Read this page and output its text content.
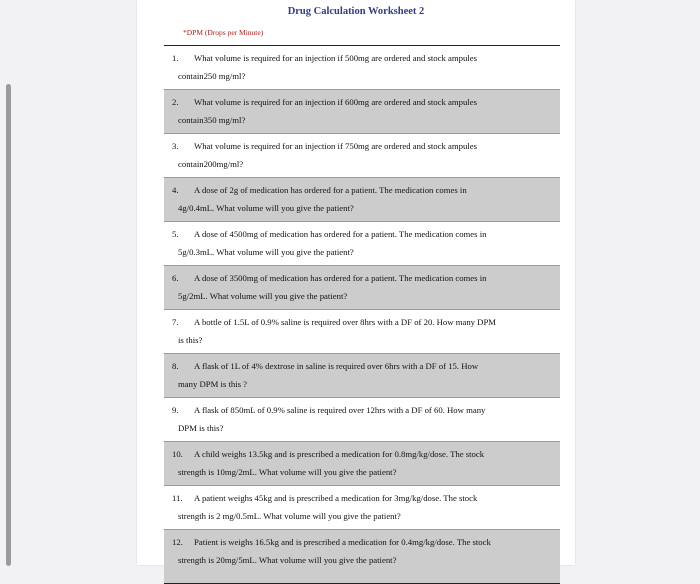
Drug Calculation Worksheet 2
*DPM (Drops per Minute)
1. What volume is required for an injection if 500mg are ordered and stock ampules
contain250 mg/ml?
2. What volume is required for an injection if 600mg are ordered and stock ampules
contain350 mg/ml?
3. What volume is required for an injection if 750mg are ordered and stock ampules
contain200mg/ml?
4. A dose of 2g of medication has ordered for a patient. The medication comes in
4g/0.4mL. What volume will you give the patient?
5. A dose of 4500mg of medication has ordered for a patient. The medication comes in
5g/0.3mL. What volume will you give the patient?
6. A dose of 3500mg of medication has ordered for a patient. The medication comes in
5g/2mL. What volume will you give the patient?
7. A bottle of 1.5L of 0.9% saline is required over 8hrs with a DF of 20. How many DPM
is this?
8. A flask of 1L of 4% dextrose in saline is required over 6hrs with a DF of 15. How
many DPM is this ?
9. A flask of 850mL of 0.9% saline is required over 12hrs with a DF of 60. How many
DPM is this?
10. A child weighs 13.5kg and is prescribed a medication for 0.8mg/kg/dose. The stock
strength is 10mg/2mL. What volume will you give the patient?
11. A patient weighs 45kg and is prescribed a medication for 3mg/kg/dose. The stock
strength is 2 mg/0.5mL. What volume will you give the patient?
12. Patient is weighs 16.5kg and is prescribed a medication for 0.4mg/kg/dose. The stock
strength is 20mg/5mL. What volume will you give the patient?
